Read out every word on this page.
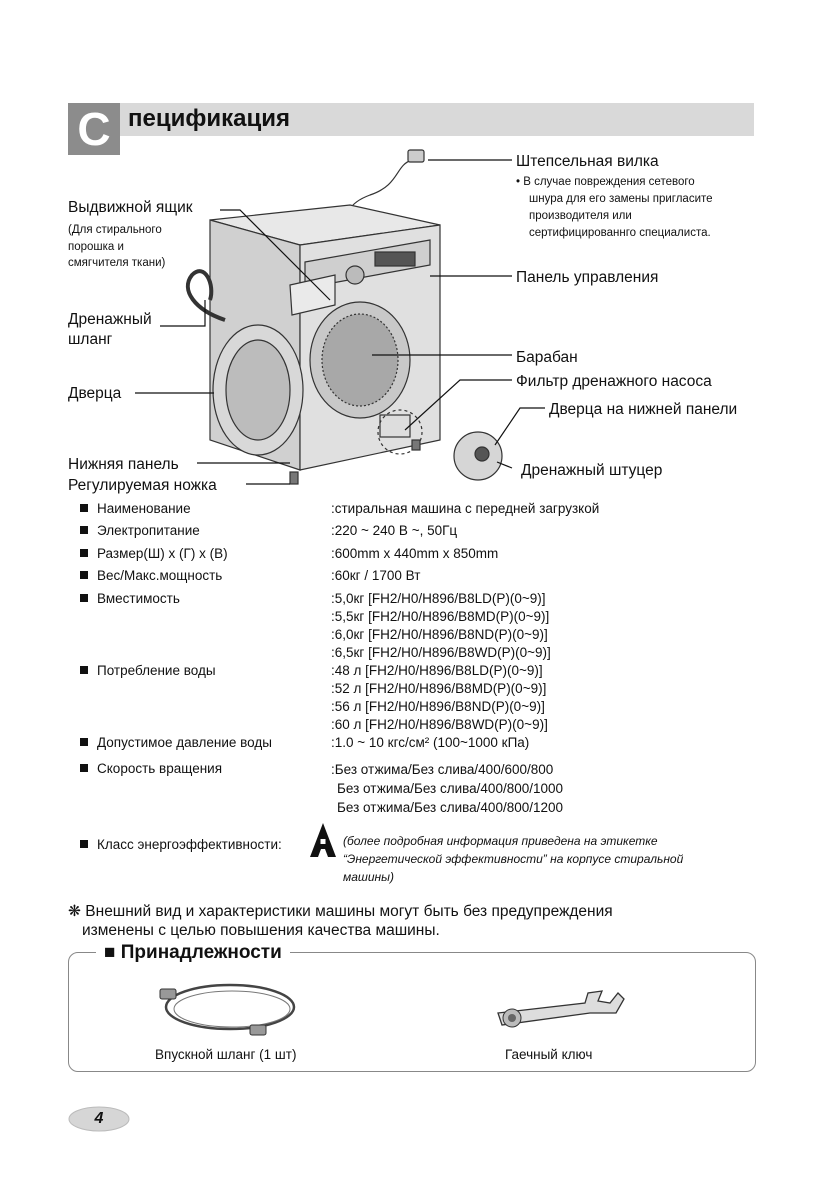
С пецификация
Штепсельная вилка
• В случае повреждения сетевого
шнура для его замены пригласите
производителя или
сертифицированнго специалиста.
Выдвижной ящик
(Для стирального
порошка и
смягчителя ткани)
Панель управления
Дренажный
шланг
Барабан
Дверца
Фильтр дренажного насоса
Дверца на нижней панели
Дренажный штуцер
Нижняя панель
Регулируемая ножка
Наименование	:стиральная машина с передней загрузкой
Электропитание	:220 ~ 240 В ~, 50Гц
Размер(Ш) х (Г) х (В)	:600mm x 440mm x 850mm
Вес/Макс.мощность	:60кг / 1700 Вт
Вместимость	:5,0кг [FH2/H0/H896/B8LD(P)(0~9)]
:5,5кг [FH2/H0/H896/B8MD(P)(0~9)]
:6,0кг [FH2/H0/H896/B8ND(P)(0~9)]
:6,5кг [FH2/H0/H896/B8WD(P)(0~9)]
Потребление воды	:48 л [FH2/H0/H896/B8LD(P)(0~9)]
:52 л [FH2/H0/H896/B8MD(P)(0~9)]
:56 л [FH2/H0/H896/B8ND(P)(0~9)]
:60 л [FH2/H0/H896/B8WD(P)(0~9)]
Допустимое давление воды	:1.0 ~ 10 кгс/см² (100~1000 кПа)
Скорость вращения	:Без отжима/Без слива/400/600/800
Без отжима/Без слива/400/800/1000
Без отжима/Без слива/400/800/1200
Класс энергоэффективности:	(более подробная информация приведена на этикетке
“Энергетической эффективности” на корпусе стиральной
машины)
❋ Внешний вид и характеристики машины могут быть без предупреждения
изменены с целью повышения качества машины.
■ Принадлежности
Впускной шланг (1 шт)	Гаечный ключ
4
